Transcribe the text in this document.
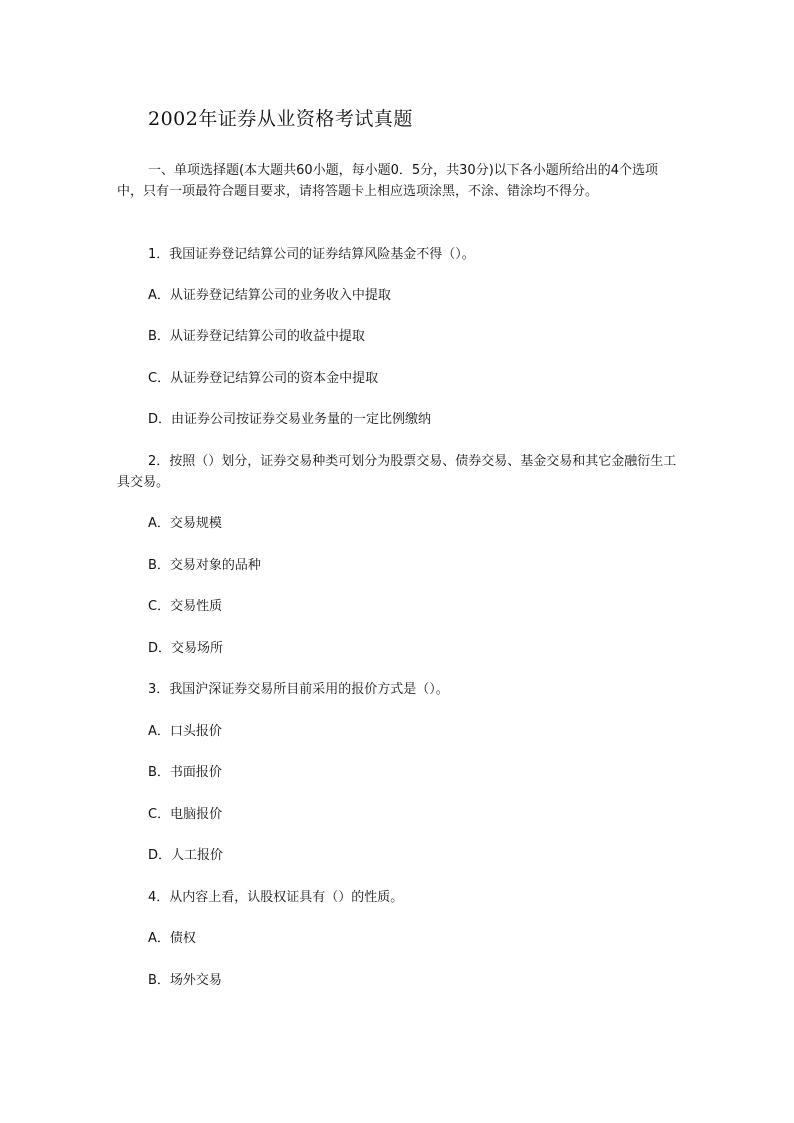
2002年证券从业资格考试真题
一、单项选择题(本大题共60小题，每小题0．5分，共30分)以下各小题所给出的4个选项中，只有一项最符合题目要求，请将答题卡上相应选项涂黑，不涂、错涂均不得分。
1．我国证券登记结算公司的证券结算风险基金不得（）。
A．从证券登记结算公司的业务收入中提取
B．从证券登记结算公司的收益中提取
C．从证券登记结算公司的资本金中提取
D．由证券公司按证券交易业务量的一定比例缴纳
2．按照（）划分，证券交易种类可划分为股票交易、债券交易、基金交易和其它金融衍生工具交易。
A．交易规模
B．交易对象的品种
C．交易性质
D．交易场所
3．我国沪深证券交易所目前采用的报价方式是（）。
A．口头报价
B．书面报价
C．电脑报价
D．人工报价
4．从内容上看，认股权证具有（）的性质。
A．债权
B．场外交易
